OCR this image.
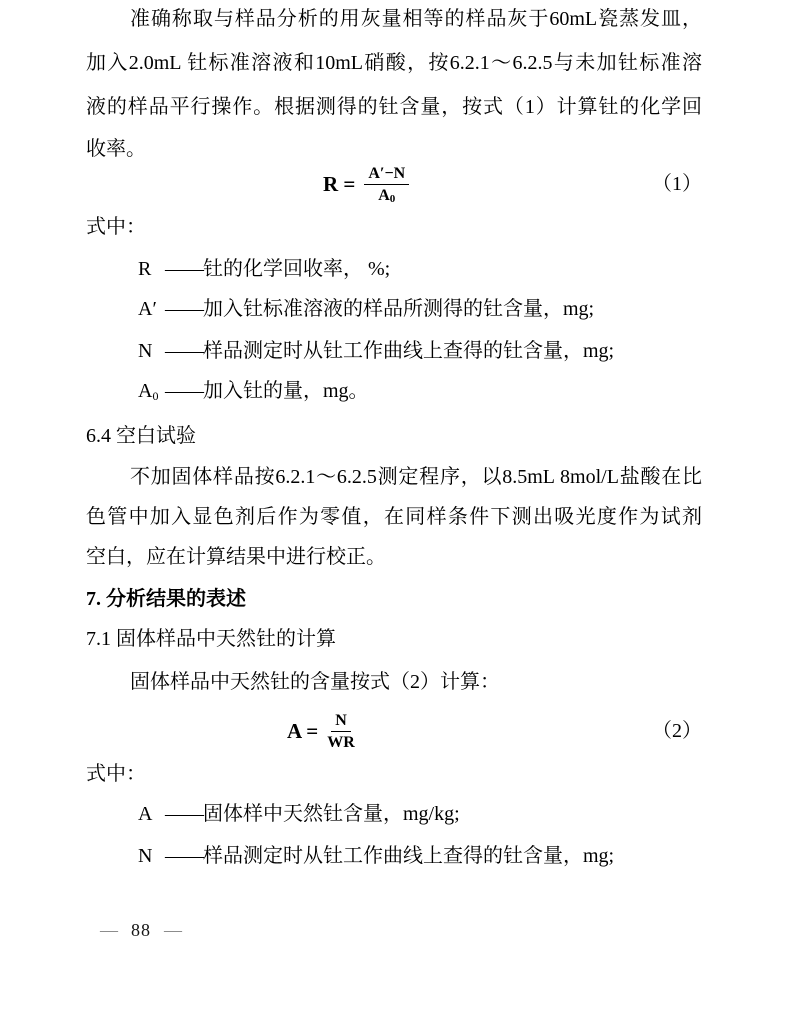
准确称取与样品分析的用灰量相等的样品灰于60mL瓷蒸发皿，
加入2.0mL 钍标准溶液和10mL硝酸，按6.2.1～6.2.5与未加钍标准溶
液的样品平行操作。根据测得的钍含量，按式（1）计算钍的化学回
收率。
$R = \frac{A'-N}{A_0}$	（1）
式中：
R ——钍的化学回收率， %;
A′ ——加入钍标准溶液的样品所测得的钍含量，mg;
N ——样品测定时从钍工作曲线上查得的钍含量，mg;
$A_0$ ——加入钍的量，mg。
6.4 空白试验
不加固体样品按6.2.1～6.2.5测定程序，以8.5mL 8mol/L盐酸在比
色管中加入显色剂后作为零值，在同样条件下测出吸光度作为试剂
空白，应在计算结果中进行校正。
7. 分析结果的表述
7.1 固体样品中天然钍的计算
固体样品中天然钍的含量按式（2）计算：
$A = \frac{N}{WR}$	（2）
式中：
A ——固体样中天然钍含量，mg/kg;
N ——样品测定时从钍工作曲线上查得的钍含量，mg;
— 88 —
